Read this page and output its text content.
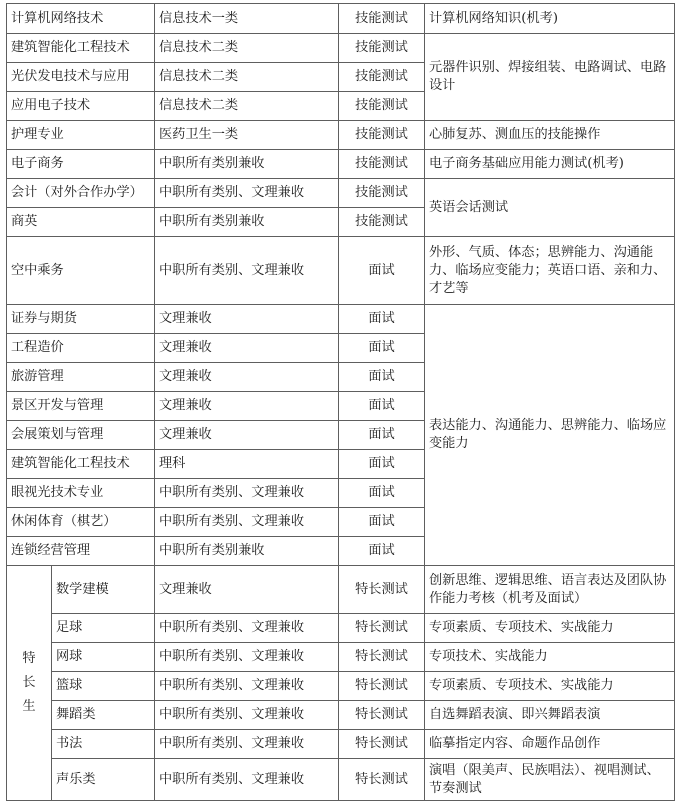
计算机网络技术		信息技术一类	技能测试	计算机网络知识(机考)
建筑智能化工程技术		信息技术二类	技能测试	元器件识别、焊接组装、电路调试、电路设计
光伏发电技术与应用		信息技术二类	技能测试	
应用电子技术		信息技术二类	技能测试	
护理专业		医药卫生一类	技能测试	心肺复苏、测血压的技能操作
电子商务		中职所有类别兼收	技能测试	电子商务基础应用能力测试(机考)
会计（对外合作办学）		中职所有类别、文理兼收	技能测试	英语会话测试
商英		中职所有类别兼收	技能测试	
空中乘务		中职所有类别、文理兼收	面试	外形、气质、体态；思辨能力、沟通能力、临场应变能力；英语口语、亲和力、才艺等
证券与期货		文理兼收	面试	表达能力、沟通能力、思辨能力、临场应变能力
工程造价		文理兼收	面试	
旅游管理		文理兼收	面试	
景区开发与管理		文理兼收	面试	
会展策划与管理		文理兼收	面试	
建筑智能化工程技术		理科	面试	
眼视光技术专业		中职所有类别、文理兼收	面试	
休闲体育（棋艺）		中职所有类别、文理兼收	面试	
连锁经营管理		中职所有类别兼收	面试	
特长生	数学建模	文理兼收	特长测试	创新思维、逻辑思维、语言表达及团队协作能力考核（机考及面试）
	足球	中职所有类别、文理兼收	特长测试	专项素质、专项技术、实战能力
	网球	中职所有类别、文理兼收	特长测试	专项技术、实战能力
	篮球	中职所有类别、文理兼收	特长测试	专项素质、专项技术、实战能力
	舞蹈类	中职所有类别、文理兼收	特长测试	自选舞蹈表演、即兴舞蹈表演
	书法	中职所有类别、文理兼收	特长测试	临摹指定内容、命题作品创作
	声乐类	中职所有类别、文理兼收	特长测试	演唱（限美声、民族唱法）、视唱测试、节奏测试
